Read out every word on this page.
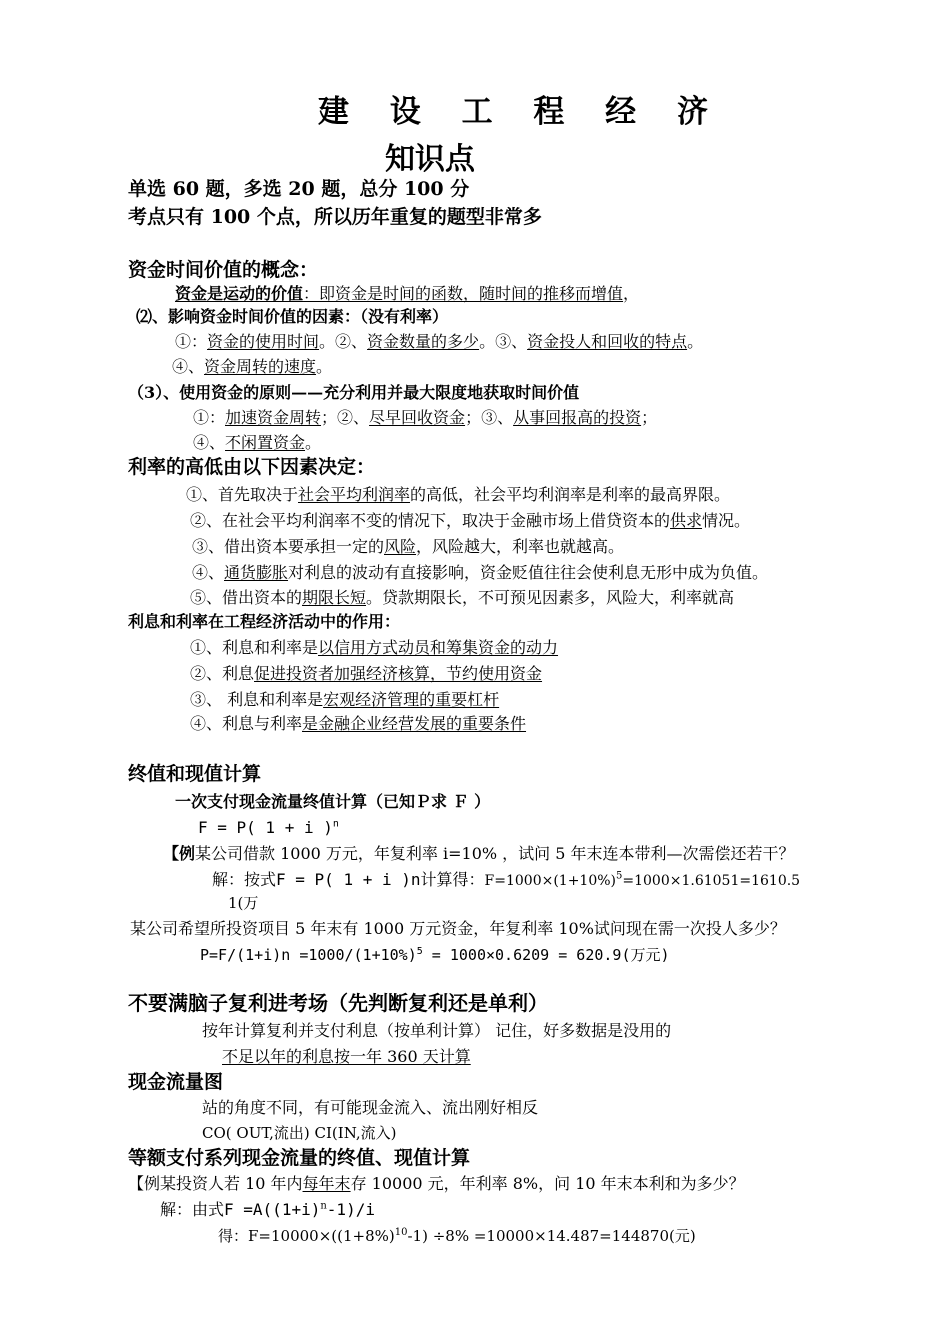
建 设 工 程 经 济
知识点
单选 60 题，多选 20 题，总分 100 分
考点只有 100 个点，所以历年重复的题型非常多
资金时间价值的概念：
资金是运动的价值：即资金是时间的函数，随时间的推移而增值，
⑵、影响资金时间价值的因素：（没有利率）
①：资金的使用时间。②、资金数量的多少。③、资金投人和回收的特点。
④、资金周转的速度。
（3）、使用资金的原则——充分利用并最大限度地获取时间价值
①：加速资金周转；②、尽早回收资金；③、从事回报高的投资；
④、不闲置资金。
利率的高低由以下因素决定：
①、首先取决于社会平均利润率的高低，社会平均利润率是利率的最高界限。
②、在社会平均利润率不变的情况下，取决于金融市场上借贷资本的供求情况。
③、借出资本要承担一定的风险，风险越大，利率也就越高。
④、通货膨胀对利息的波动有直接影响，资金贬值往往会使利息无形中成为负值。
⑤、借出资本的期限长短。贷款期限长，不可预见因素多，风险大，利率就高
利息和利率在工程经济活动中的作用：
①、利息和利率是以信用方式动员和筹集资金的动力
②、利息促进投资者加强经济核算，节约使用资金
③、 利息和利率是宏观经济管理的重要杠杆
④、利息与利率是金融企业经营发展的重要条件
终值和现值计算
一次支付现金流量终值计算（已知Ｐ求 Ｆ ）
F = P( 1 + i )$^n$
【例某公司借款 1000 万元，年复利率 i=10% ，试问 5 年末连本带利—次需偿还若干？
解：按式F = P( 1 + i )n计算得：$F=1000\times(1+10\%)^5=1000\times 1.61051=1610.5$
1(万
某公司希望所投资项目 5 年末有 1000 万元资金，年复利率 10%试问现在需一次投人多少？
$P=F/(1+i)n =1000/(1+10\%)^5 = 1000\times 0.6209 = 620.9$(万元)
不要满脑子复利进考场（先判断复利还是单利）
按年计算复利并支付利息（按单利计算） 记住，好多数据是没用的
不足以年的利息按一年 360 天计算
现金流量图
站的角度不同，有可能现金流入、流出刚好相反
CO( OUT,流出) CI(IN,流入)
等额支付系列现金流量的终值、现值计算
【例某投资人若 10 年内每年末存 10000 元，年利率 8%，问 10 年末本利和为多少？
解：由式$F =A((1+i)^n-1)/i$
得：$F=10000\times((1+8\%)^{10}-1) \div 8\% =10000\times 14.487=144870$(元)
